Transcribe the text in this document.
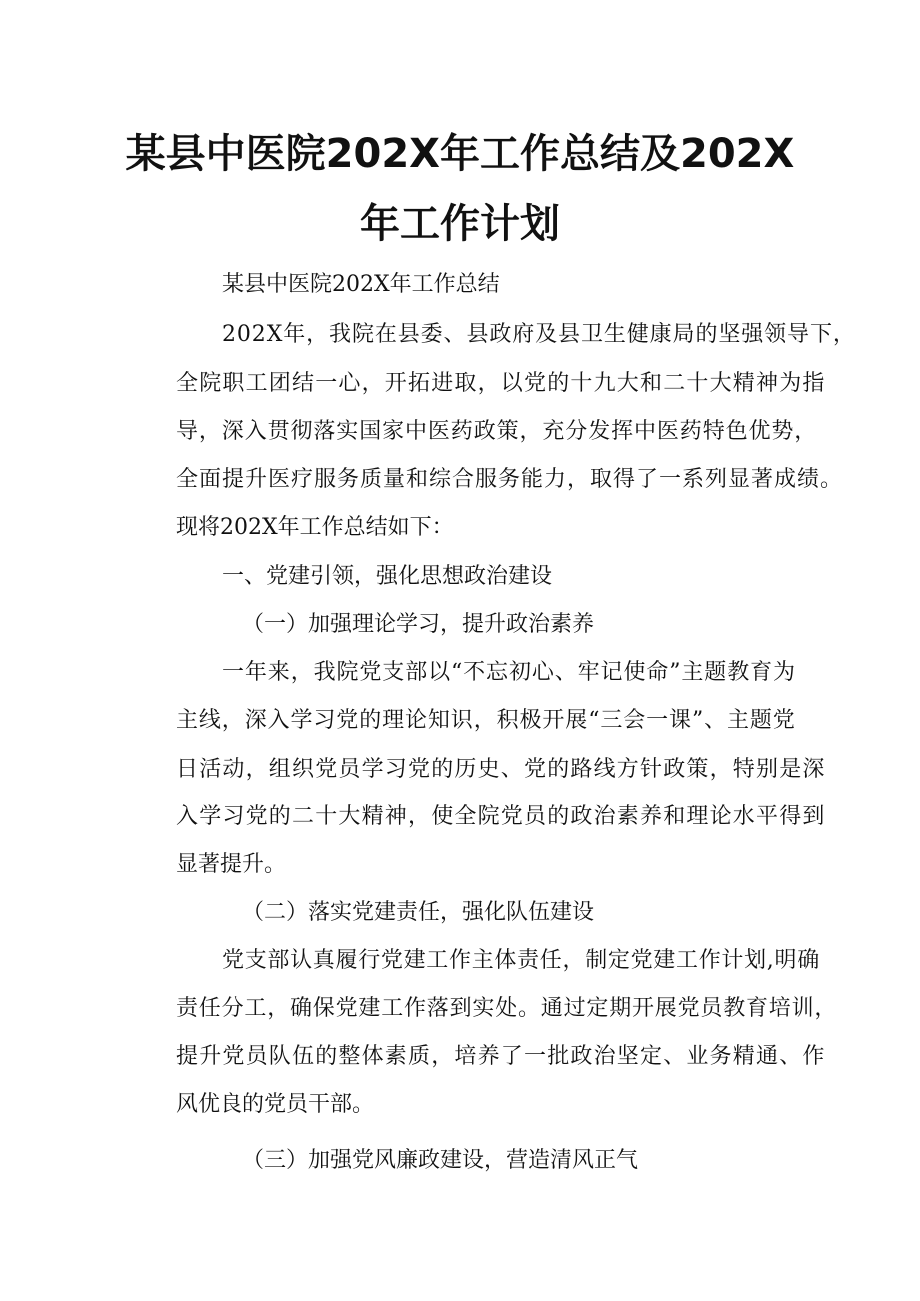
某县中医院202X年工作总结及202X
年工作计划

某县中医院202X年工作总结

202X年，我院在县委、县政府及县卫生健康局的坚强领导下，

全院职工团结一心，开拓进取，以党的十九大和二十大精神为指

导，深入贯彻落实国家中医药政策，充分发挥中医药特色优势，

全面提升医疗服务质量和综合服务能力，取得了一系列显著成绩。

现将202X年工作总结如下：

一、党建引领，强化思想政治建设

（一）加强理论学习，提升政治素养

一年来，我院党支部以“不忘初心、牢记使命”主题教育为

主线，深入学习党的理论知识，积极开展“三会一课”、主题党

日活动，组织党员学习党的历史、党的路线方针政策，特别是深

入学习党的二十大精神，使全院党员的政治素养和理论水平得到

显著提升。

（二）落实党建责任，强化队伍建设

党支部认真履行党建工作主体责任，制定党建工作计划,明确

责任分工，确保党建工作落到实处。通过定期开展党员教育培训，

提升党员队伍的整体素质，培养了一批政治坚定、业务精通、作

风优良的党员干部。

（三）加强党风廉政建设，营造清风正气
